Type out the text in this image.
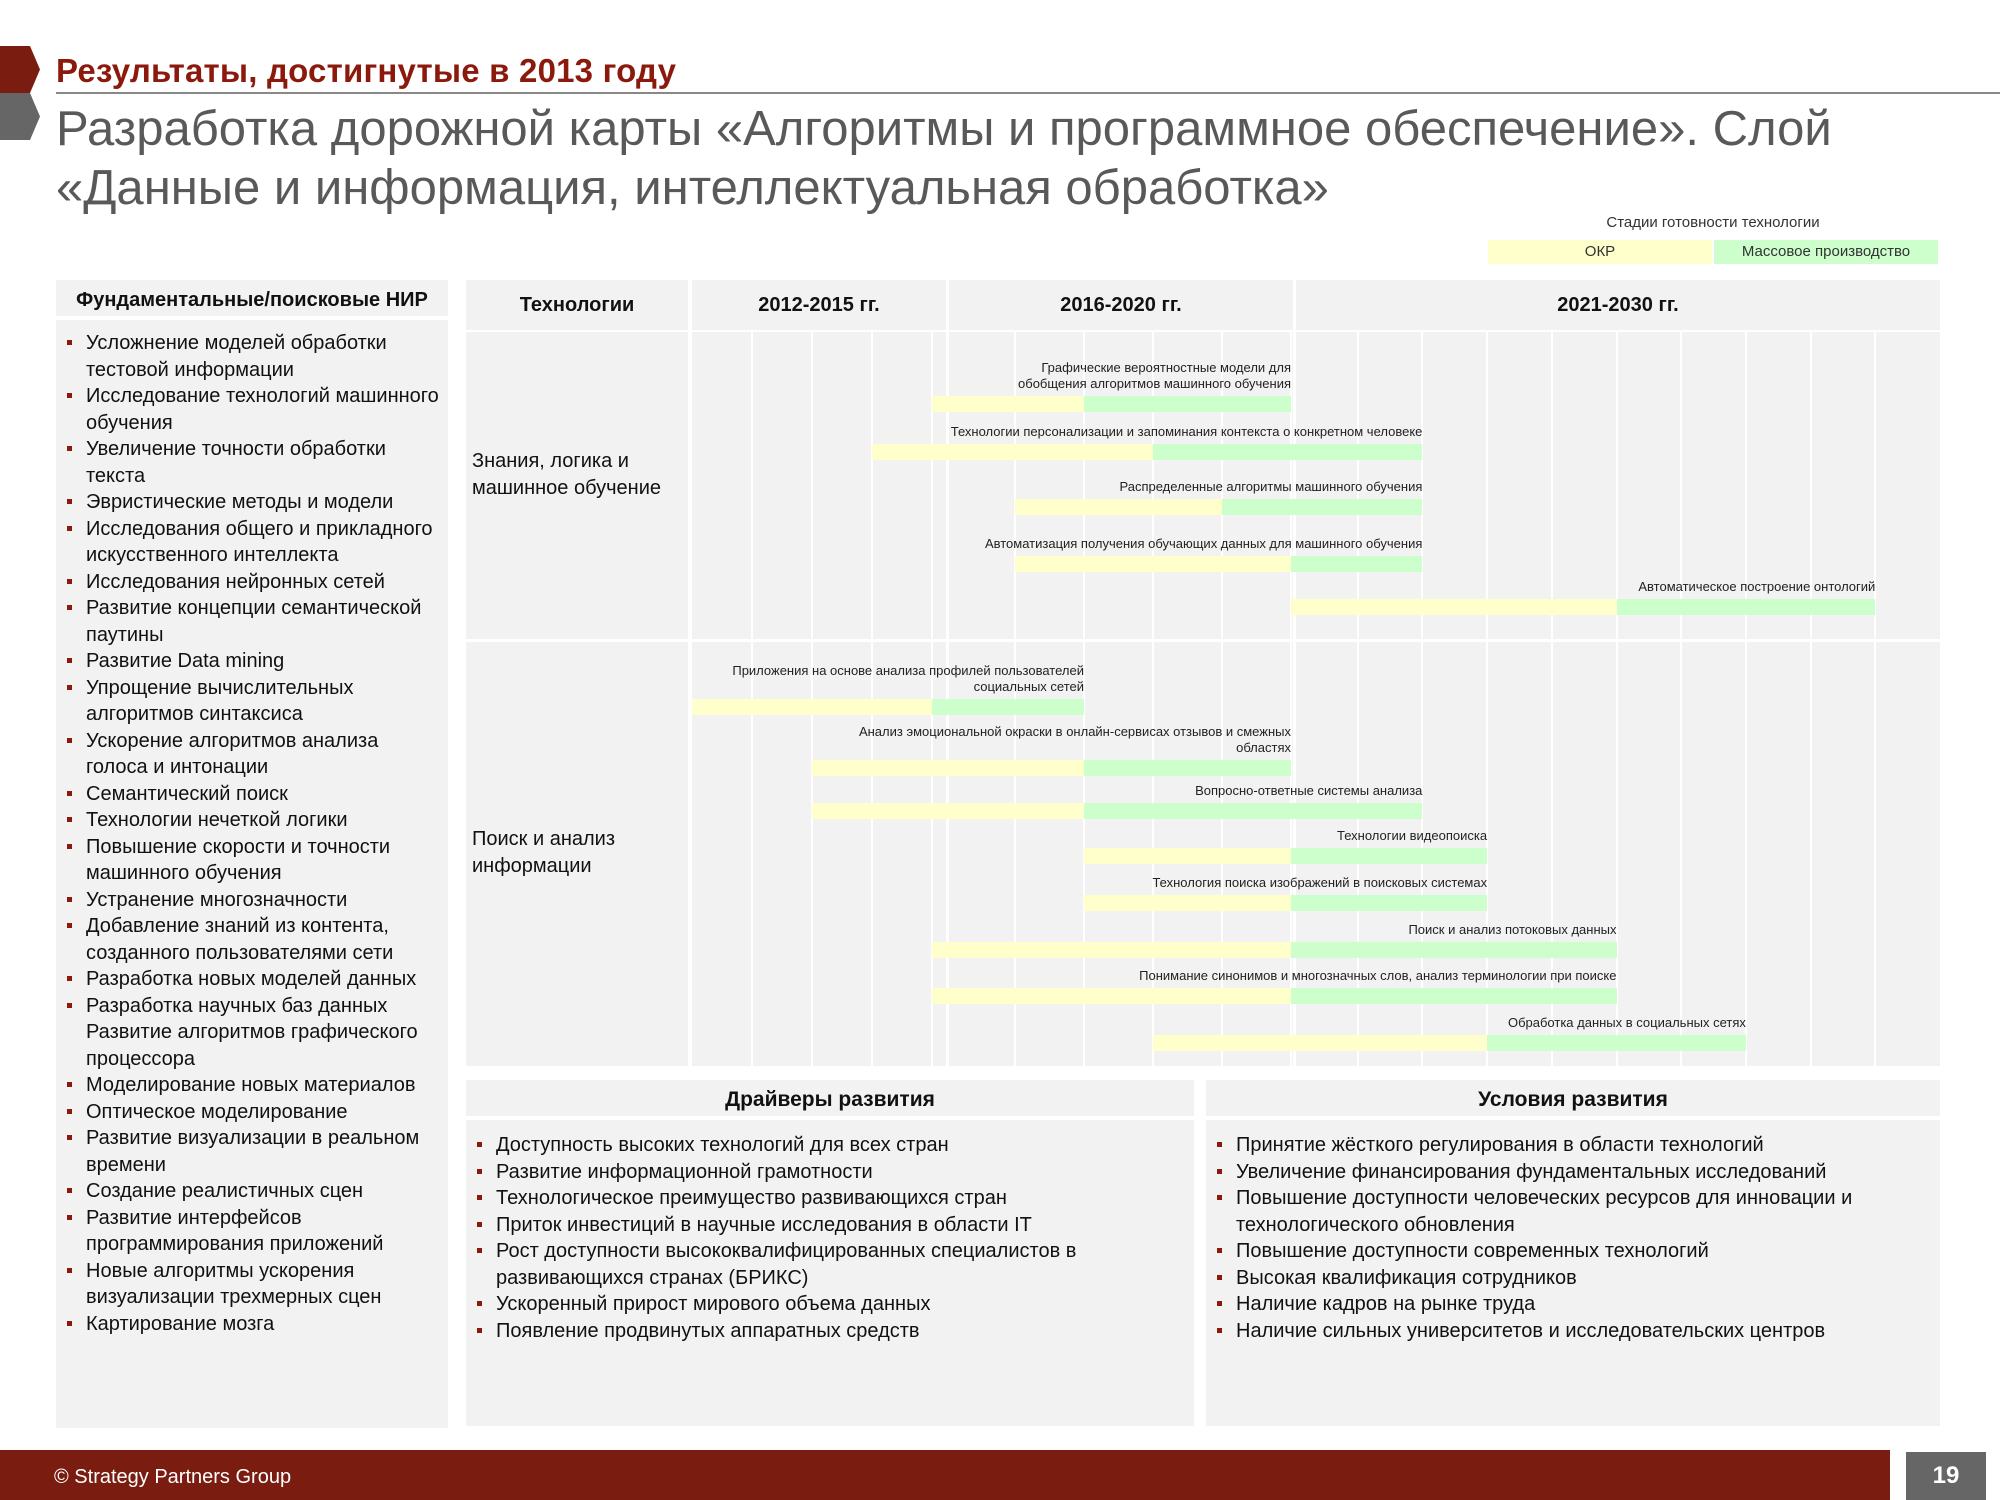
Результаты, достигнутые в 2013 году
Разработка дорожной карты «Алгоритмы и программное обеспечение». Слой «Данные и информация, интеллектуальная обработка»
Стадии готовности технологии
ОКР	Массовое производство
Фундаментальные/поисковые НИР
Усложнение моделей обработки тестовой информации
Исследование технологий машинного обучения
Увеличение точности обработки текста
Эвристические методы и модели
Исследования общего и прикладного искусственного интеллекта
Исследования нейронных сетей
Развитие концепции семантической паутины
Развитие Data mining
Упрощение вычислительных алгоритмов синтаксиса
Ускорение алгоритмов анализа голоса и интонации
Семантический поиск
Технологии нечеткой логики
Повышение скорости и точности машинного обучения
Устранение многозначности
Добавление знаний из контента, созданного пользователями сети
Разработка новых моделей данных
Разработка научных баз данных
Развитие алгоритмов графического процессора
Моделирование новых материалов
Оптическое моделирование
Развитие визуализации в реальном времени
Создание реалистичных сцен
Развитие интерфейсов программирования приложений
Новые алгоритмы ускорения визуализации трехмерных сцен
Картирование мозга
Технологии	2012-2015 гг.	2016-2020 гг.	2021-2030 гг.
Знания, логика и машинное обучение
Поиск и анализ информации
Графические вероятностные модели для
обобщения алгоритмов машинного обучения
Технологии персонализации и запоминания контекста о конкретном человеке
Распределенные алгоритмы машинного обучения
Автоматизация получения обучающих данных для машинного обучения
Автоматическое построение онтологий
Приложения на основе анализа профилей пользователей
социальных сетей
Анализ эмоциональной окраски в онлайн-сервисах отзывов и смежных
областях
Вопросно-ответные системы анализа
Технологии видеопоиска
Технология поиска изображений в поисковых системах
Поиск и анализ потоковых данных
Понимание синонимов и многозначных слов, анализ терминологии при поиске
Обработка данных в социальных сетях
Драйверы развития
Доступность высоких технологий для всех стран
Развитие информационной грамотности
Технологическое преимущество развивающихся стран
Приток инвестиций в научные исследования в области IT
Рост доступности высококвалифицированных специалистов в развивающихся странах (БРИКС)
Ускоренный прирост мирового объема данных
Появление продвинутых аппаратных средств
Условия развития
Принятие жёсткого регулирования в области технологий
Увеличение финансирования фундаментальных исследований
Повышение доступности человеческих ресурсов для инновации и технологического обновления
Повышение доступности современных технологий
Высокая квалификация сотрудников
Наличие кадров на рынке труда
Наличие сильных университетов и исследовательских центров
© Strategy Partners Group	19
